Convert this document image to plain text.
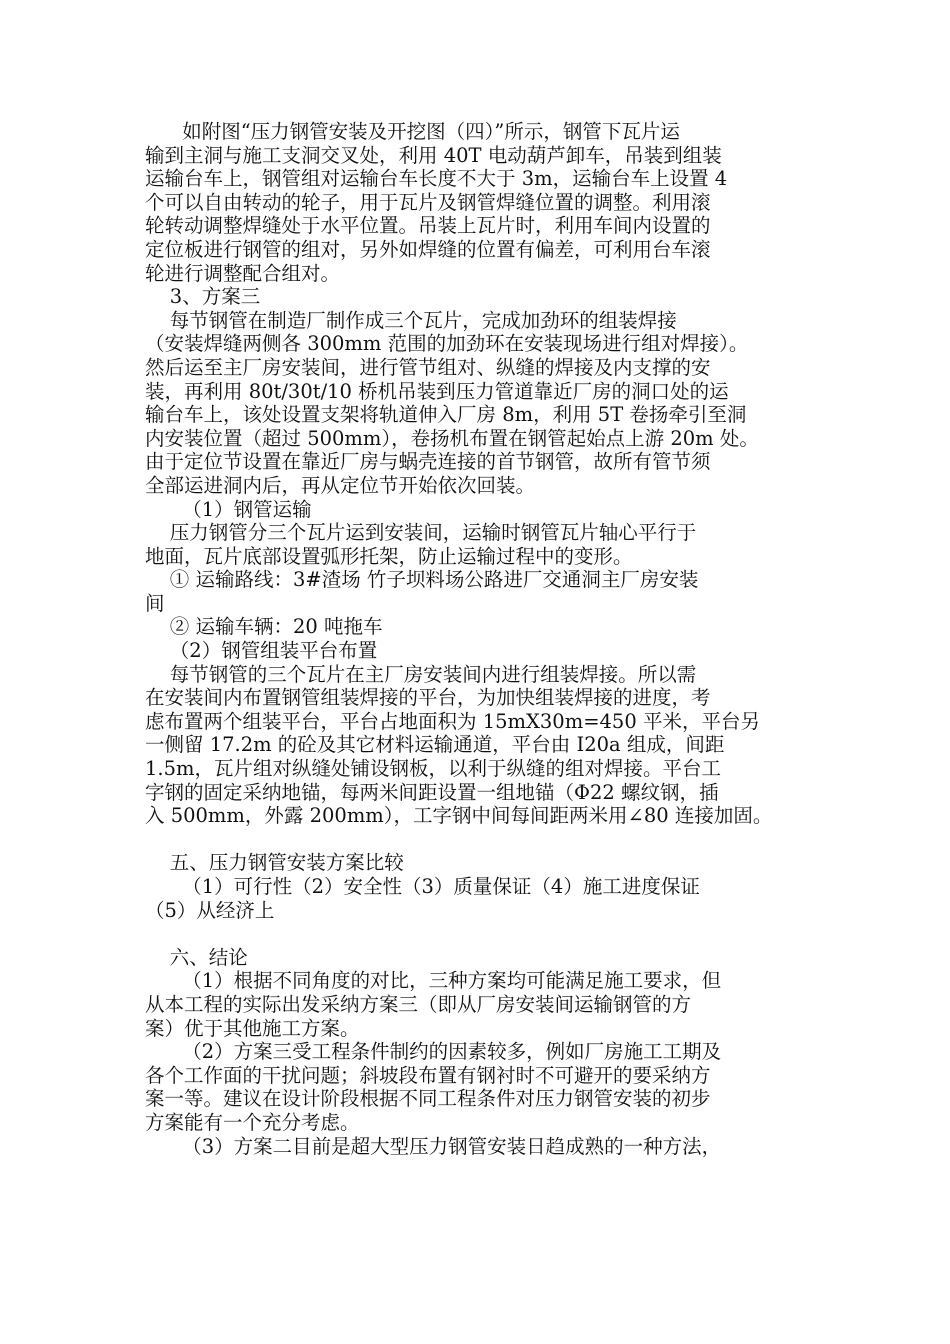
如附图“压力钢管安装及开挖图（四）”所示，钢管下瓦片运
输到主洞与施工支洞交叉处，利用 40T 电动葫芦卸车，吊装到组装
运输台车上，钢管组对运输台车长度不大于 3m，运输台车上设置 4
个可以自由转动的轮子，用于瓦片及钢管焊缝位置的调整。利用滚
轮转动调整焊缝处于水平位置。吊装上瓦片时，利用车间内设置的
定位板进行钢管的组对，另外如焊缝的位置有偏差，可利用台车滚
轮进行调整配合组对。
3、方案三
每节钢管在制造厂制作成三个瓦片，完成加劲环的组装焊接
（安装焊缝两侧各 300mm 范围的加劲环在安装现场进行组对焊接）。
然后运至主厂房安装间，进行管节组对、纵缝的焊接及内支撑的安
装，再利用 80t/30t/10 桥机吊装到压力管道靠近厂房的洞口处的运
输台车上，该处设置支架将轨道伸入厂房 8m，利用 5T 卷扬牵引至洞
内安装位置（超过 500mm），卷扬机布置在钢管起始点上游 20m 处。
由于定位节设置在靠近厂房与蜗壳连接的首节钢管，故所有管节须
全部运进洞内后，再从定位节开始依次回装。
（1）钢管运输
压力钢管分三个瓦片运到安装间，运输时钢管瓦片轴心平行于
地面，瓦片底部设置弧形托架，防止运输过程中的变形。
① 运输路线：3#渣场 竹子坝料场公路进厂交通洞主厂房安装
间
② 运输车辆：20 吨拖车
（2）钢管组装平台布置
每节钢管的三个瓦片在主厂房安装间内进行组装焊接。所以需
在安装间内布置钢管组装焊接的平台，为加快组装焊接的进度，考
虑布置两个组装平台，平台占地面积为 15mX30m=450 平米，平台另
一侧留 17.2m 的砼及其它材料运输通道，平台由 I20a 组成，间距
1.5m，瓦片组对纵缝处铺设钢板，以利于纵缝的组对焊接。平台工
字钢的固定采纳地锚，每两米间距设置一组地锚（Φ22 螺纹钢，插
入 500mm，外露 200mm），工字钢中间每间距两米用∠80 连接加固。
五、压力钢管安装方案比较
（1）可行性（2）安全性（3）质量保证（4）施工进度保证
（5）从经济上
六、结论
（1）根据不同角度的对比，三种方案均可能满足施工要求，但
从本工程的实际出发采纳方案三（即从厂房安装间运输钢管的方
案）优于其他施工方案。
（2）方案三受工程条件制约的因素较多，例如厂房施工工期及
各个工作面的干扰问题；斜坡段布置有钢衬时不可避开的要采纳方
案一等。建议在设计阶段根据不同工程条件对压力钢管安装的初步
方案能有一个充分考虑。
（3）方案二目前是超大型压力钢管安装日趋成熟的一种方法，
